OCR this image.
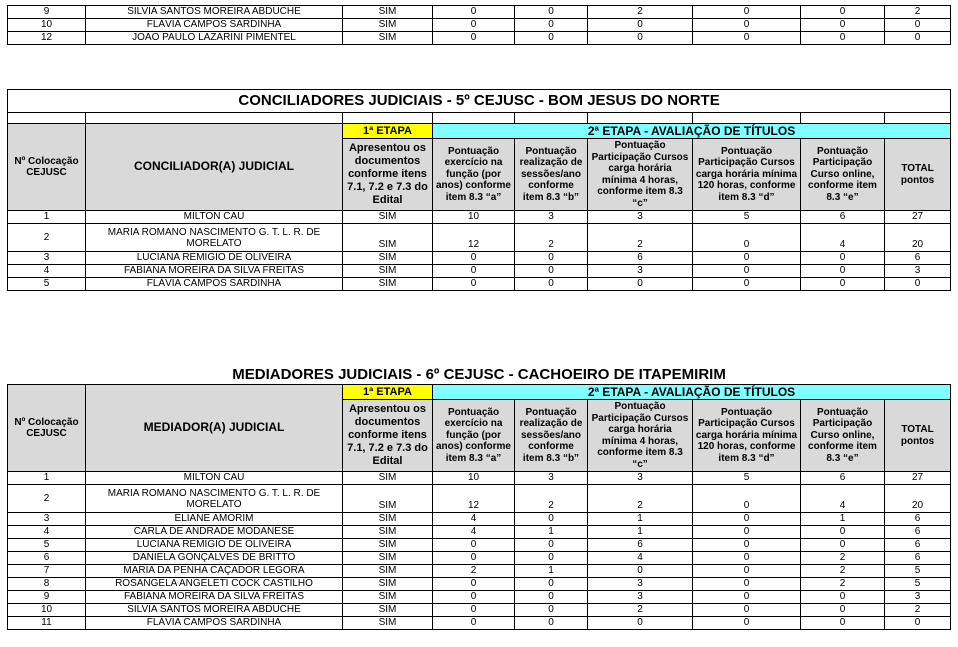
9	SILVIA SANTOS MOREIRA ABDUCHE	SIM	0	0	2	0	0	2
10	FLÁVIA CAMPOS SARDINHA	SIM	0	0	0	0	0	0
12	JOÃO PAULO LAZARINI PIMENTEL	SIM	0	0	0	0	0	0
CONCILIADORES JUDICIAIS - 5º CEJUSC - BOM JESUS DO NORTE								

Nº Colocação CEJUSC	CONCILIADOR(A) JUDICIAL	1ª ETAPA	2ª ETAPA - AVALIAÇÃO DE TÍTULOS					
		Apresentou os documentos conforme itens 7.1, 7.2 e 7.3 do Edital	Pontuação exercício na função (por anos) conforme item 8.3 “a”	Pontuação realização de sessões/ano conforme item 8.3 “b”	Pontuação Participação Cursos carga horária mínima 4 horas, conforme item 8.3 “c”	Pontuação Participação Cursos carga horária mínima 120 horas, conforme item 8.3 “d”	Pontuação Participação Curso online, conforme item 8.3 “e”	TOTAL pontos
1	MILTON CAU	SIM	10	3	3	5	6	27
2	MARIA ROMANO NASCIMENTO G. T. L. R. DE MORELATO	SIM	12	2	2	0	4	20
3	LUCIANA REMIGIO DE OLIVEIRA	SIM	0	0	6	0	0	6
4	FABIANA MOREIRA DA SILVA FREITAS	SIM	0	0	3	0	0	3
5	FLÁVIA CAMPOS SARDINHA	SIM	0	0	0	0	0	0
MEDIADORES JUDICIAIS - 6º CEJUSC - CACHOEIRO DE ITAPEMIRIM								
Nº Colocação CEJUSC	MEDIADOR(A) JUDICIAL	1ª ETAPA	2ª ETAPA - AVALIAÇÃO DE TÍTULOS					
		Apresentou os documentos conforme itens 7.1, 7.2 e 7.3 do Edital	Pontuação exercício na função (por anos) conforme item 8.3 “a”	Pontuação realização de sessões/ano conforme item 8.3 “b”	Pontuação Participação Cursos carga horária mínima 4 horas, conforme item 8.3 “c”	Pontuação Participação Cursos carga horária mínima 120 horas, conforme item 8.3 “d”	Pontuação Participação Curso online, conforme item 8.3 “e”	TOTAL pontos
1	MILTON CAU	SIM	10	3	3	5	6	27
2	MARIA ROMANO NASCIMENTO G. T. L. R. DE MORELATO	SIM	12	2	2	0	4	20
3	ELIANE AMORIM	SIM	4	0	1	0	1	6
4	CARLA DE ANDRADE MODANESE	SIM	4	1	1	0	0	6
5	LUCIANA REMIGIO DE OLIVEIRA	SIM	0	0	6	0	0	6
6	DANIELA GONÇALVES DE BRITTO	SIM	0	0	4	0	2	6
7	MARIA DA PENHA CAÇADOR LÉGORA	SIM	2	1	0	0	2	5
8	ROSANGELA ANGELETI COCK CASTILHO	SIM	0	0	3	0	2	5
9	FABIANA MOREIRA DA SILVA FREITAS	SIM	0	0	3	0	0	3
10	SILVIA SANTOS MOREIRA ABDUCHE	SIM	0	0	2	0	0	2
11	FLÁVIA CAMPOS SARDINHA	SIM	0	0	0	0	0	0
